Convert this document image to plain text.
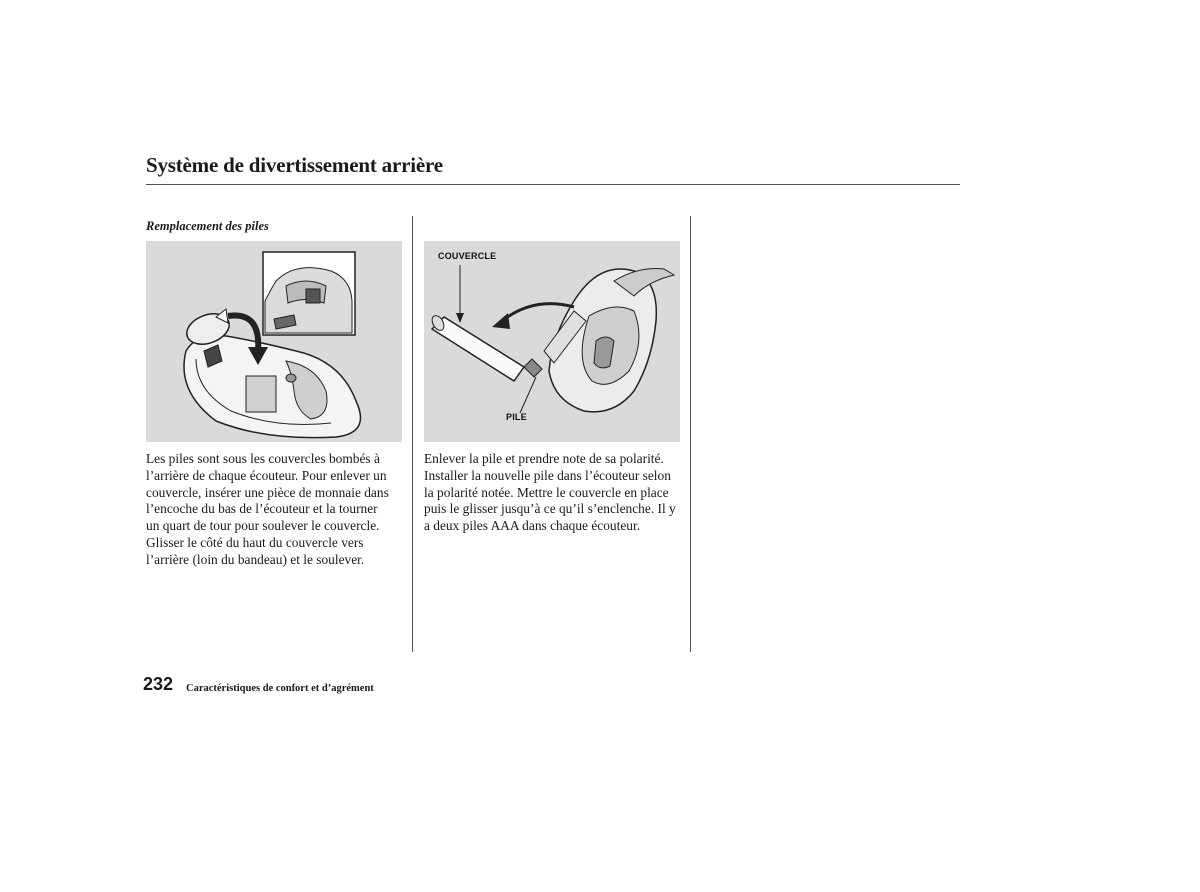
Système de divertissement arrière
Remplacement des piles
COUVERCLE
PILE
Les piles sont sous les couvercles bombés à
l’arrière de chaque écouteur. Pour enlever un
couvercle, insérer une pièce de monnaie dans
l’encoche du bas de l’écouteur et la tourner
un quart de tour pour soulever le couvercle.
Glisser le côté du haut du couvercle vers
l’arrière (loin du bandeau) et le soulever.
Enlever la pile et prendre note de sa polarité.
Installer la nouvelle pile dans l’écouteur selon
la polarité notée. Mettre le couvercle en place
puis le glisser jusqu’à ce qu’il s’enclenche. Il y
a deux piles AAA dans chaque écouteur.
232 Caractéristiques de confort et d’agrément
